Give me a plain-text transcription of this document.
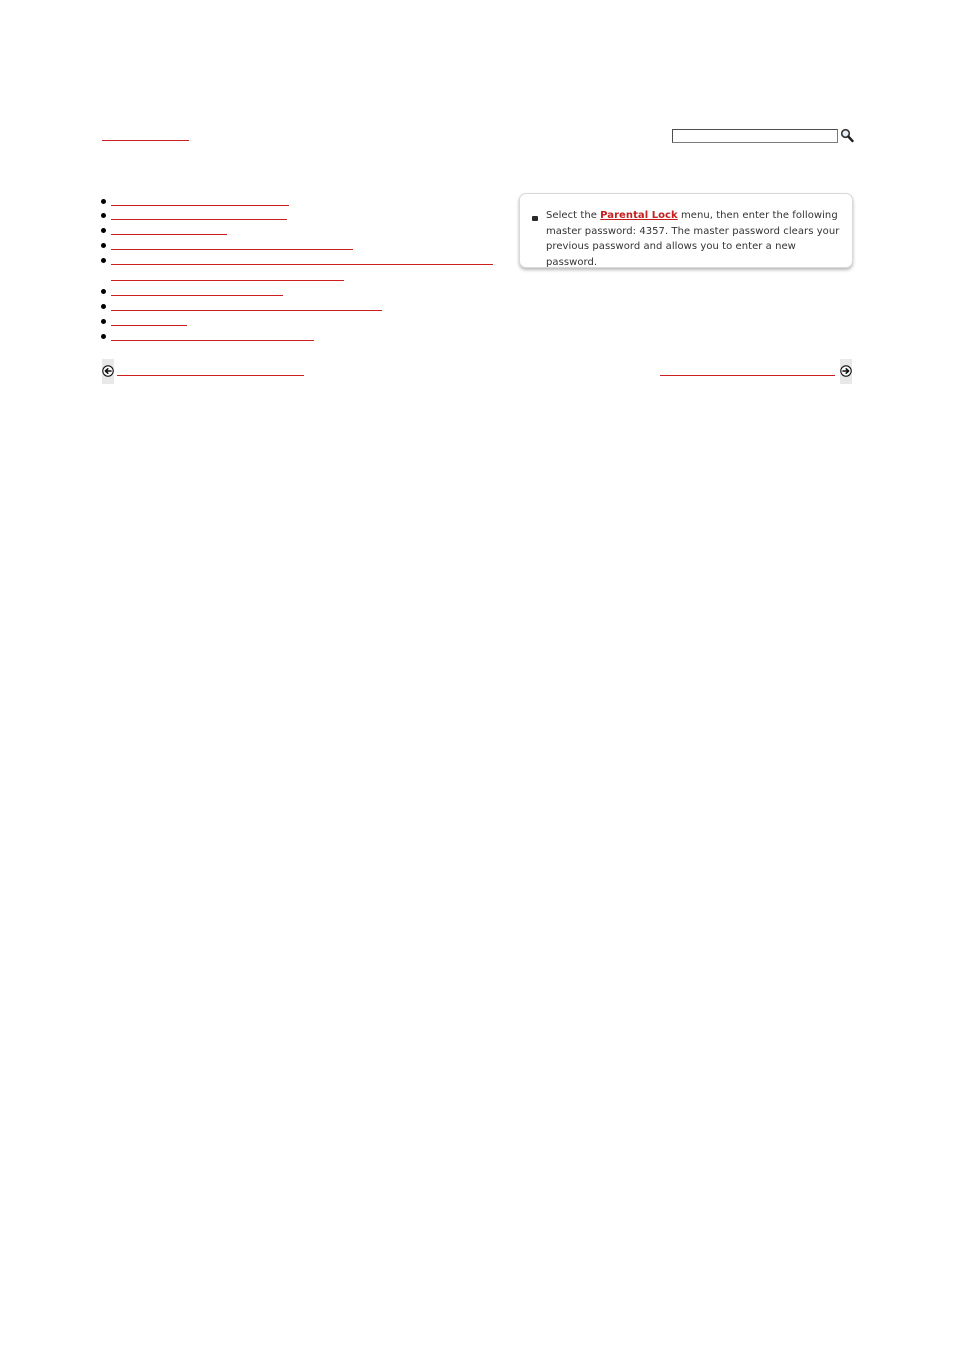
Select the Parental Lock menu, then enter the following master password: 4357. The master password clears your previous password and allows you to enter a new password.
